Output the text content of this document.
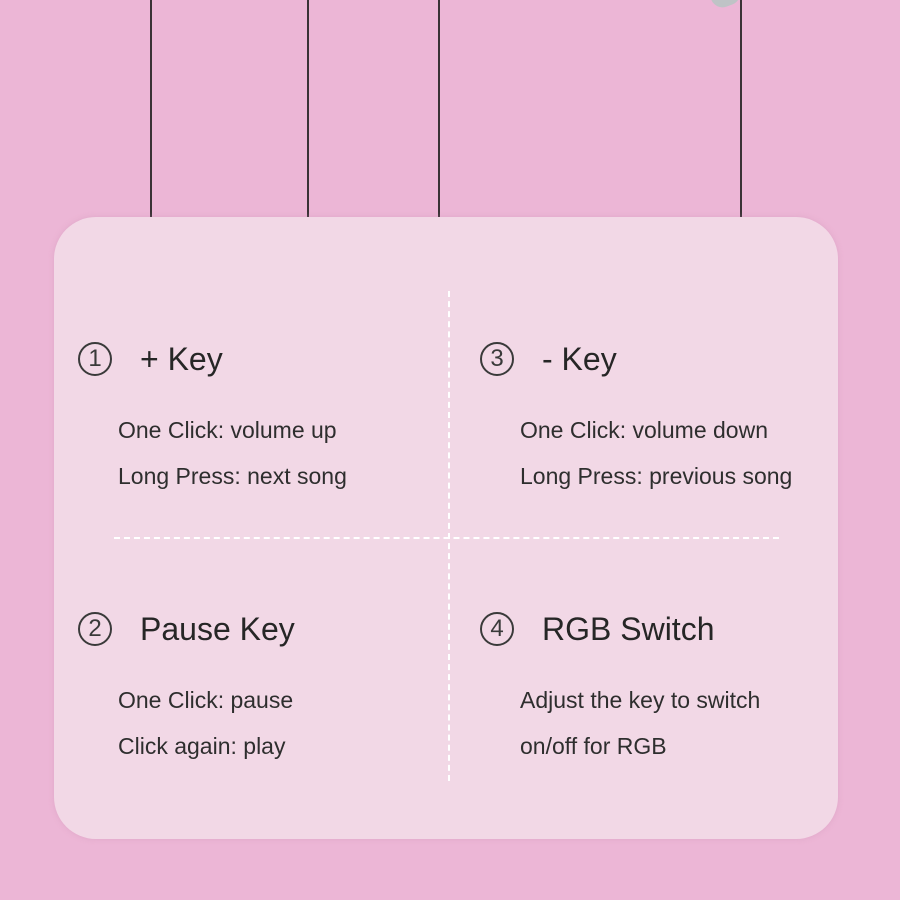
1	+ Key
One Click: volume up
Long Press: next song
3	- Key
One Click: volume down
Long Press: previous song
2	Pause Key
One Click: pause
Click again: play
4	RGB Switch
Adjust the key to switch
on/off for RGB
